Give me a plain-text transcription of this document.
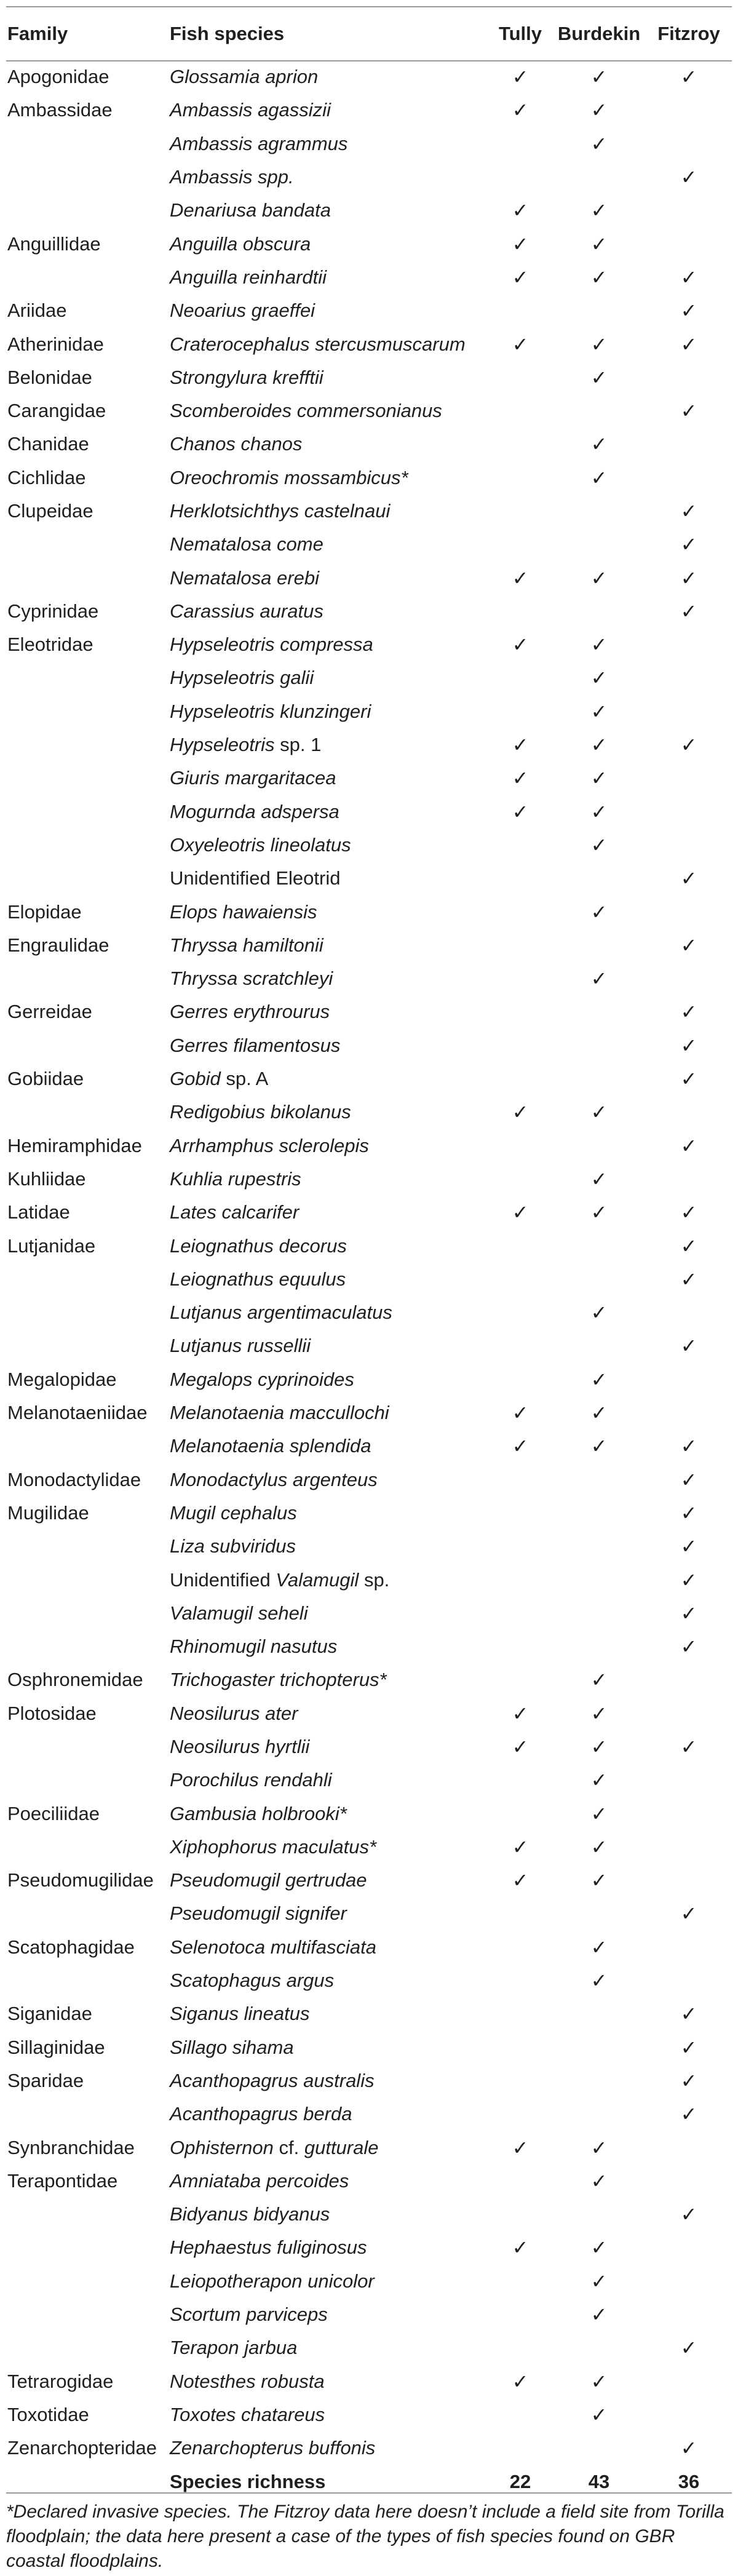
Family	Fish species	Tully	Burdekin	Fitzroy
Apogonidae	Glossamia aprion	✓	✓	✓
Ambassidae	Ambassis agassizii	✓	✓	
	Ambassis agrammus		✓	
	Ambassis spp.			✓
	Denariusa bandata	✓	✓	
Anguillidae	Anguilla obscura	✓	✓	
	Anguilla reinhardtii	✓	✓	✓
Ariidae	Neoarius graeffei			✓
Atherinidae	Craterocephalus stercusmuscarum	✓	✓	✓
Belonidae	Strongylura krefftii		✓	
Carangidae	Scomberoides commersonianus			✓
Chanidae	Chanos chanos		✓	
Cichlidae	Oreochromis mossambicus*		✓	
Clupeidae	Herklotsichthys castelnaui			✓
	Nematalosa come			✓
	Nematalosa erebi	✓	✓	✓
Cyprinidae	Carassius auratus			✓
Eleotridae	Hypseleotris compressa	✓	✓	
	Hypseleotris galii		✓	
	Hypseleotris klunzingeri		✓	
	Hypseleotris sp. 1	✓	✓	✓
	Giuris margaritacea	✓	✓	
	Mogurnda adspersa	✓	✓	
	Oxyeleotris lineolatus		✓	
	Unidentified Eleotrid			✓
Elopidae	Elops hawaiensis		✓	
Engraulidae	Thryssa hamiltonii			✓
	Thryssa scratchleyi		✓	
Gerreidae	Gerres erythrourus			✓
	Gerres filamentosus			✓
Gobiidae	Gobid sp. A			✓
	Redigobius bikolanus	✓	✓	
Hemiramphidae	Arrhamphus sclerolepis			✓
Kuhliidae	Kuhlia rupestris		✓	
Latidae	Lates calcarifer	✓	✓	✓
Lutjanidae	Leiognathus decorus			✓
	Leiognathus equulus			✓
	Lutjanus argentimaculatus		✓	
	Lutjanus russellii			✓
Megalopidae	Megalops cyprinoides		✓	
Melanotaeniidae	Melanotaenia maccullochi	✓	✓	
	Melanotaenia splendida	✓	✓	✓
Monodactylidae	Monodactylus argenteus			✓
Mugilidae	Mugil cephalus			✓
	Liza subviridus			✓
	Unidentified Valamugil sp.			✓
	Valamugil seheli			✓
	Rhinomugil nasutus			✓
Osphronemidae	Trichogaster trichopterus*		✓	
Plotosidae	Neosilurus ater	✓	✓	
	Neosilurus hyrtlii	✓	✓	✓
	Porochilus rendahli		✓	
Poeciliidae	Gambusia holbrooki*		✓	
	Xiphophorus maculatus*	✓	✓	
Pseudomugilidae	Pseudomugil gertrudae	✓	✓	
	Pseudomugil signifer			✓
Scatophagidae	Selenotoca multifasciata		✓	
	Scatophagus argus		✓	
Siganidae	Siganus lineatus			✓
Sillaginidae	Sillago sihama			✓
Sparidae	Acanthopagrus australis			✓
	Acanthopagrus berda			✓
Synbranchidae	Ophisternon cf. gutturale	✓	✓	
Terapontidae	Amniataba percoides		✓	
	Bidyanus bidyanus			✓
	Hephaestus fuliginosus	✓	✓	
	Leiopotherapon unicolor		✓	
	Scortum parviceps		✓	
	Terapon jarbua			✓
Tetrarogidae	Notesthes robusta	✓	✓	
Toxotidae	Toxotes chatareus		✓	
Zenarchopteridae	Zenarchopterus buffonis			✓
	Species richness	22	43	36

*Declared invasive species. The Fitzroy data here doesn’t include a field site from Torilla floodplain; the data here present a case of the types of fish species found on GBR coastal floodplains.
